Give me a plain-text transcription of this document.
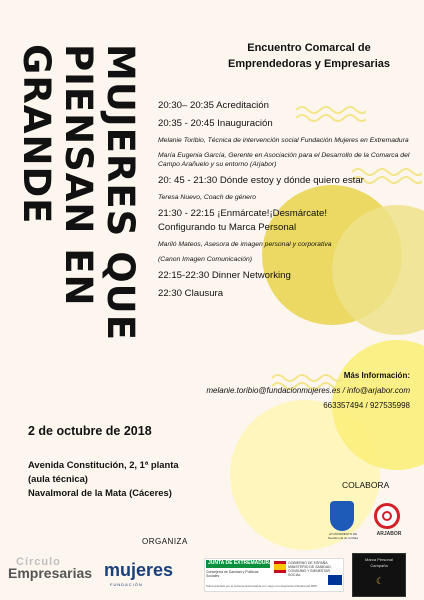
MUJERES QUE
PIENSAN EN
GRANDE	Encuentro Comarcal de
Emprendedoras y Empresarias
20:30– 20:35 Acreditación
20:35 - 20:45 Inauguración
Melanie Toribio, Técnica de intervención social Fundación Mujeres en Extremadura
María Eugenia García, Gerente en Asociación para el Desarrollo de la Comarca del Campo Arañuelo y su entorno (Arjabor)
20: 45 - 21:30 Dónde estoy y dónde quiero estar
Teresa Nuevo, Coach de género
21:30 - 22:15 ¡Enmárcate!¡Desmárcate!
Configurando tu Marca Personal
Mariló Mateos, Asesora de imagen personal y corporativa
(Canon Imagen Comunicación)
22:15-22:30 Dinner Networking
22:30 Clausura
Más Información:
melanie.toribio@fundacionmujeres.es / info@arjabor.com
663357494 / 927535998
2 de octubre de 2018
Avenida Constitución, 2, 1ª planta
(aula técnica)
Navalmoral de la Mata (Cáceres)
COLABORA
AYUNTAMIENTO DE Navalmoral de la Mata
ARJABOR
ORGANIZA
Círculo
Empresarias mujeres
FUNDACIÓN
JUNTA DE EXTREMADURA
Consejería de Sanidad y Políticas Sociales
GOBIERNO DE ESPAÑA MINISTERIO DE SANIDAD, CONSUMO Y BIENESTAR SOCIAL
Subvencionado por la Junta de Extremadura con cargo a la asignación tributaria del IRPF
Marca Personal
Campaña
☾
